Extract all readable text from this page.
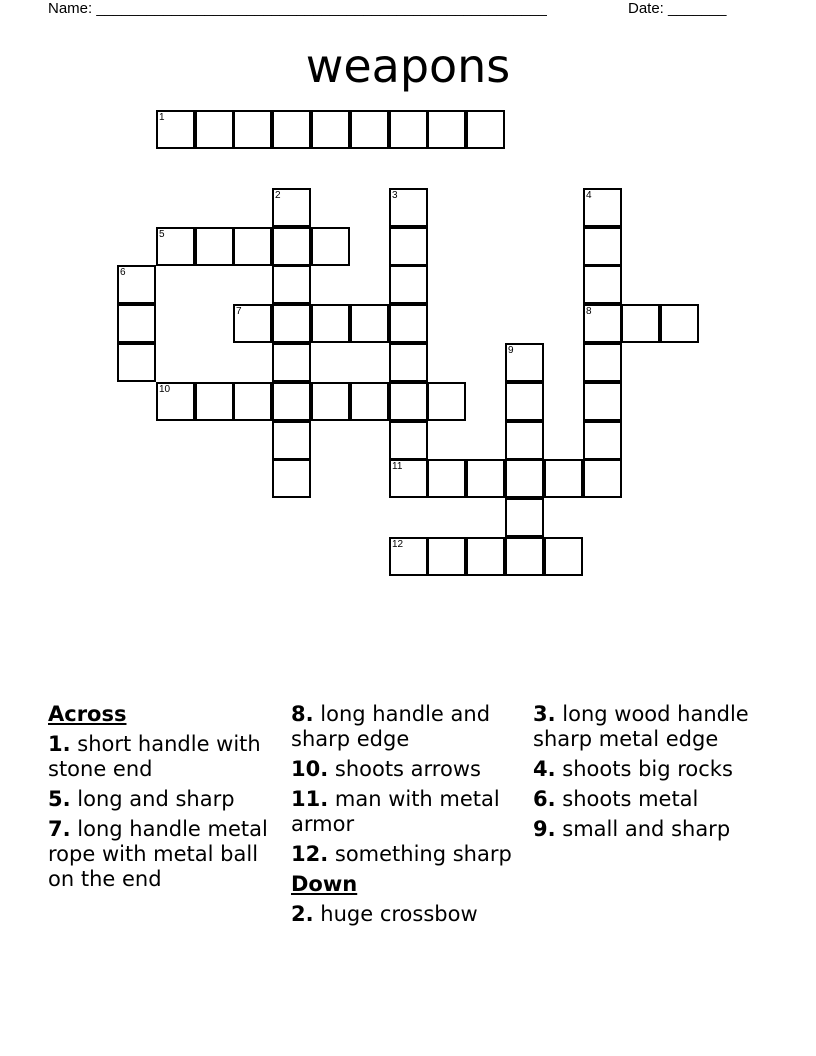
Name: ______________________________________________________	Date: _______
weapons
1
2	3	4
5
6
7	8
9
10
11
12
Across
1. short handle with stone end
5. long and sharp
7. long handle metal rope with metal ball on the end
8. long handle and sharp edge
10. shoots arrows
11. man with metal armor
12. something sharp
Down
2. huge crossbow
3. long wood handle sharp metal edge
4. shoots big rocks
6. shoots metal
9. small and sharp
